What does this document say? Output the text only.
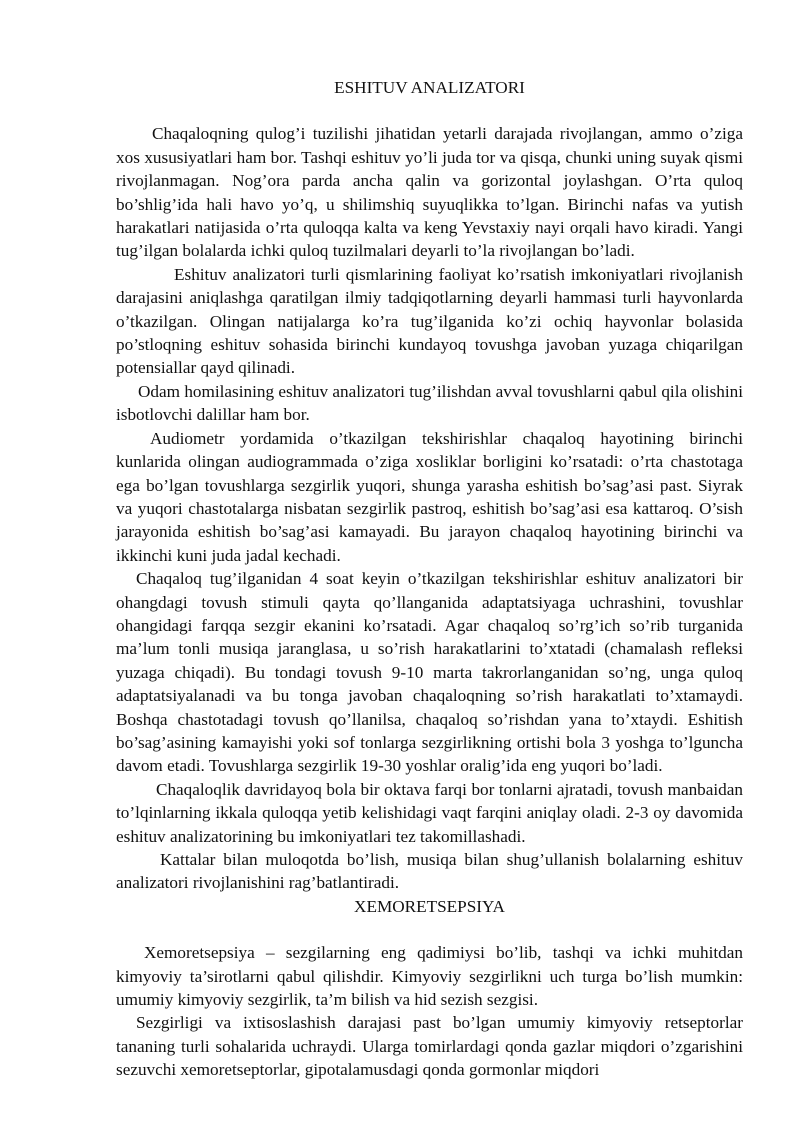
ESHITUV ANALIZATORI

Chaqaloqning qulog’i tuzilishi jihatidan yetarli darajada rivojlangan, ammo o’ziga xos xususiyatlari ham bor. Tashqi eshituv yo’li juda tor va qisqa, chunki uning suyak qismi rivojlanmagan. Nog’ora parda ancha qalin va gorizontal joylashgan. O’rta quloq bo’shlig’ida hali havo yo’q, u shilimshiq suyuqlikka to’lgan. Birinchi nafas va yutish harakatlari natijasida o’rta quloqqa kalta va keng Yevstaxiy nayi orqali havo kiradi. Yangi tug’ilgan bolalarda ichki quloq tuzilmalari deyarli to’la rivojlangan bo’ladi.

Eshituv analizatori turli qismlarining faoliyat ko’rsatish imkoniyatlari rivojlanish darajasini aniqlashga qaratilgan ilmiy tadqiqotlarning deyarli hammasi turli hayvonlarda o’tkazilgan. Olingan natijalarga ko’ra tug’ilganida ko’zi ochiq hayvonlar bolasida po’stloqning eshituv sohasida birinchi kundayoq tovushga javoban yuzaga chiqarilgan potensiallar qayd qilinadi.

Odam homilasining eshituv analizatori tug’ilishdan avval tovushlarni qabul qila olishini isbotlovchi dalillar ham bor.

Audiometr yordamida o’tkazilgan tekshirishlar chaqaloq hayotining birinchi kunlarida olingan audiogrammada o’ziga xosliklar borligini ko’rsatadi: o’rta chastotaga ega bo’lgan tovushlarga sezgirlik yuqori, shunga yarasha eshitish bo’sag’asi past. Siyrak va yuqori chastotalarga nisbatan sezgirlik pastroq, eshitish bo’sag’asi esa kattaroq. O’sish jarayonida eshitish bo’sag’asi kamayadi. Bu jarayon chaqaloq hayotining birinchi va ikkinchi kuni juda jadal kechadi.

Chaqaloq tug’ilganidan 4 soat keyin o’tkazilgan tekshirishlar eshituv analizatori bir ohangdagi tovush stimuli qayta qo’llanganida adaptatsiyaga uchrashini, tovushlar ohangidagi farqqa sezgir ekanini ko’rsatadi. Agar chaqaloq so’rg’ich so’rib turganida ma’lum tonli musiqa jaranglasa, u so’rish harakatlarini to’xtatadi (chamalash refleksi yuzaga chiqadi). Bu tondagi tovush 9-10 marta takrorlanganidan so’ng, unga quloq adaptatsiyalanadi va bu tonga javoban chaqaloqning so’rish harakatlati to’xtamaydi. Boshqa chastotadagi tovush qo’llanilsa, chaqaloq so’rishdan yana to’xtaydi. Eshitish bo’sag’asining kamayishi yoki sof tonlarga sezgirlikning ortishi bola 3 yoshga to’lguncha davom etadi. Tovushlarga sezgirlik 19-30 yoshlar oralig’ida eng yuqori bo’ladi.

Chaqaloqlik davridayoq bola bir oktava farqi bor tonlarni ajratadi, tovush manbaidan to’lqinlarning ikkala quloqqa yetib kelishidagi vaqt farqini aniqlay oladi. 2-3 oy davomida eshituv analizatorining bu imkoniyatlari tez takomillashadi.

Kattalar bilan muloqotda bo’lish, musiqa bilan shug’ullanish bolalarning eshituv analizatori rivojlanishini rag’batlantiradi.

XEMORETSEPSIYA

Xemoretsepsiya – sezgilarning eng qadimiysi bo’lib, tashqi va ichki muhitdan kimyoviy ta’sirotlarni qabul qilishdir. Kimyoviy sezgirlikni uch turga bo’lish mumkin: umumiy kimyoviy sezgirlik, ta’m bilish va hid sezish sezgisi.

Sezgirligi va ixtisoslashish darajasi past bo’lgan umumiy kimyoviy retseptorlar tananing turli sohalarida uchraydi. Ularga tomirlardagi qonda gazlar miqdori o’zgarishini sezuvchi xemoretseptorlar, gipotalamusdagi qonda gormonlar miqdori
